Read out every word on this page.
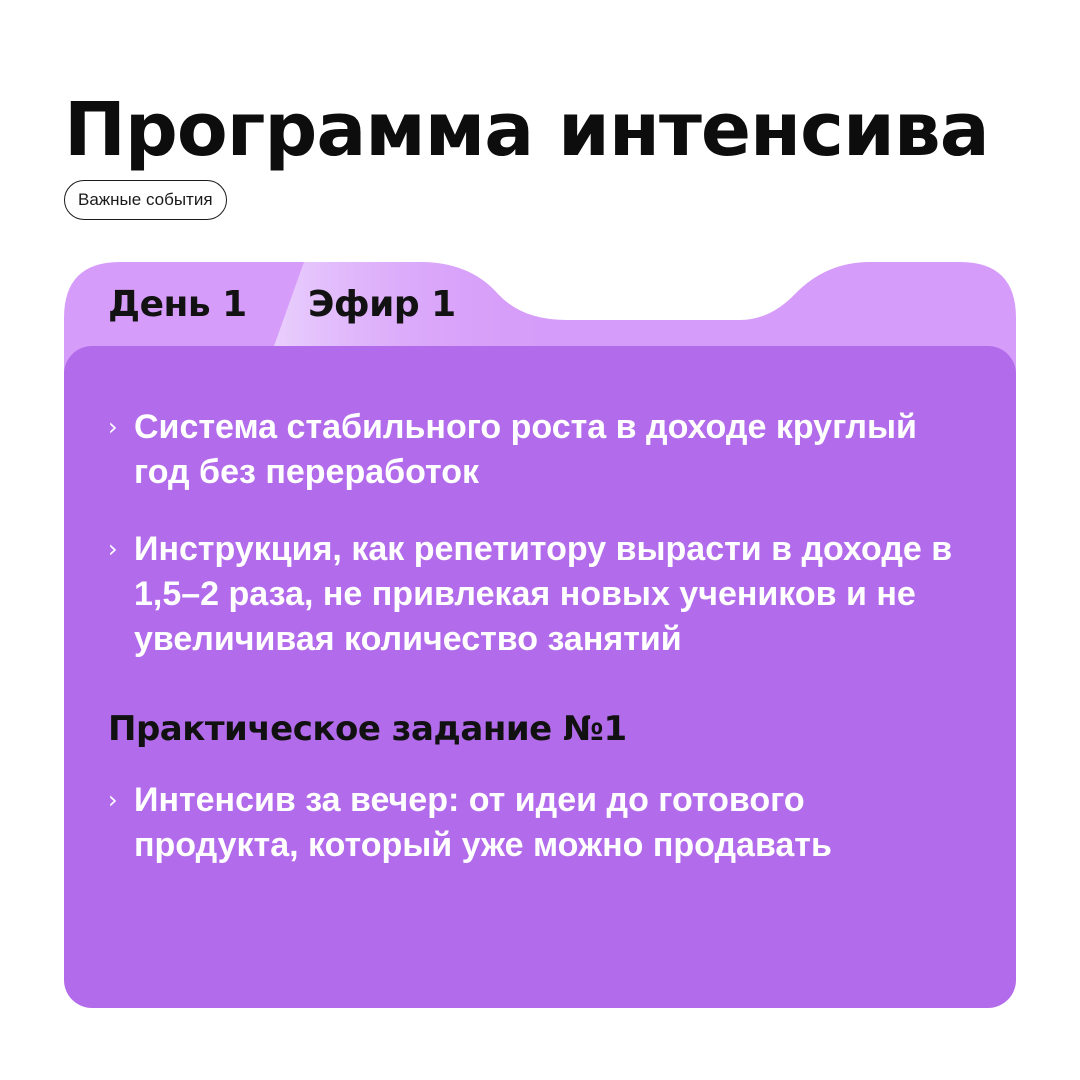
Программа интенсива
Важные события
День 1 Эфир 1
› Система стабильного роста в доходе круглый год без переработок
› Инструкция, как репетитору вырасти в доходе в 1,5–2 раза, не привлекая новых учеников и не увеличивая количество занятий
Практическое задание №1
› Интенсив за вечер: от идеи до готового продукта, который уже можно продавать
